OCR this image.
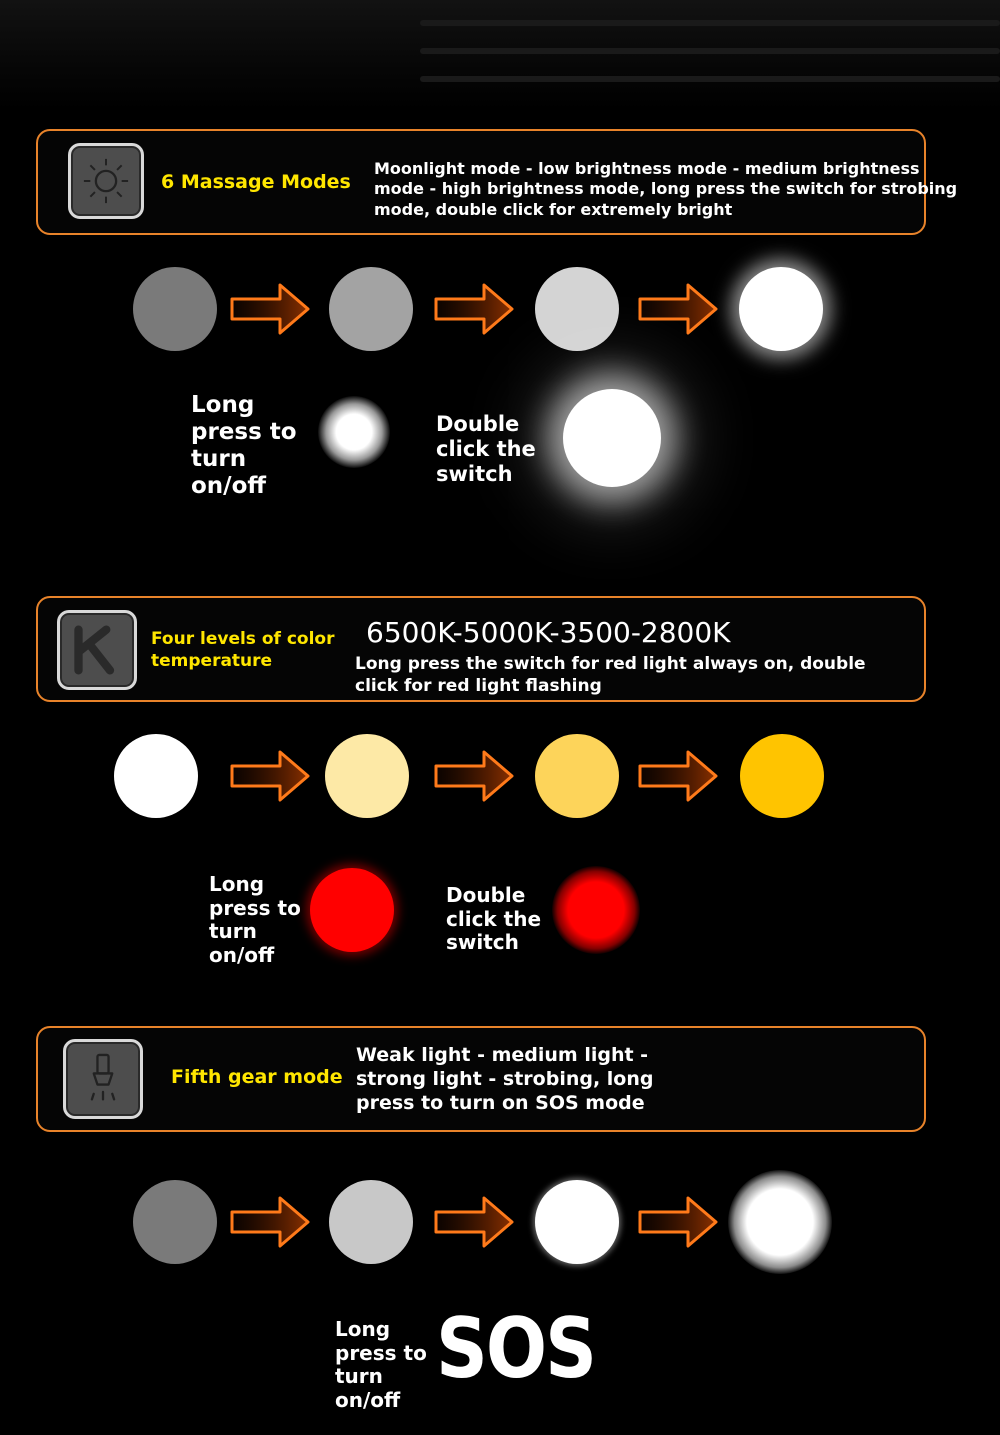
6 Massage Modes
Moonlight mode - low brightness mode - medium brightness mode - high brightness mode, long press the switch for strobing mode, double click for extremely bright
Long press to turn on/off
Double click the switch
Four levels of color temperature
6500K-5000K-3500-2800K
Long press the switch for red light always on, double click for red light flashing
Long press to turn on/off
Double click the switch
Fifth gear mode
Weak light - medium light - strong light - strobing, long press to turn on SOS mode
Long press to turn on/off
SOS
